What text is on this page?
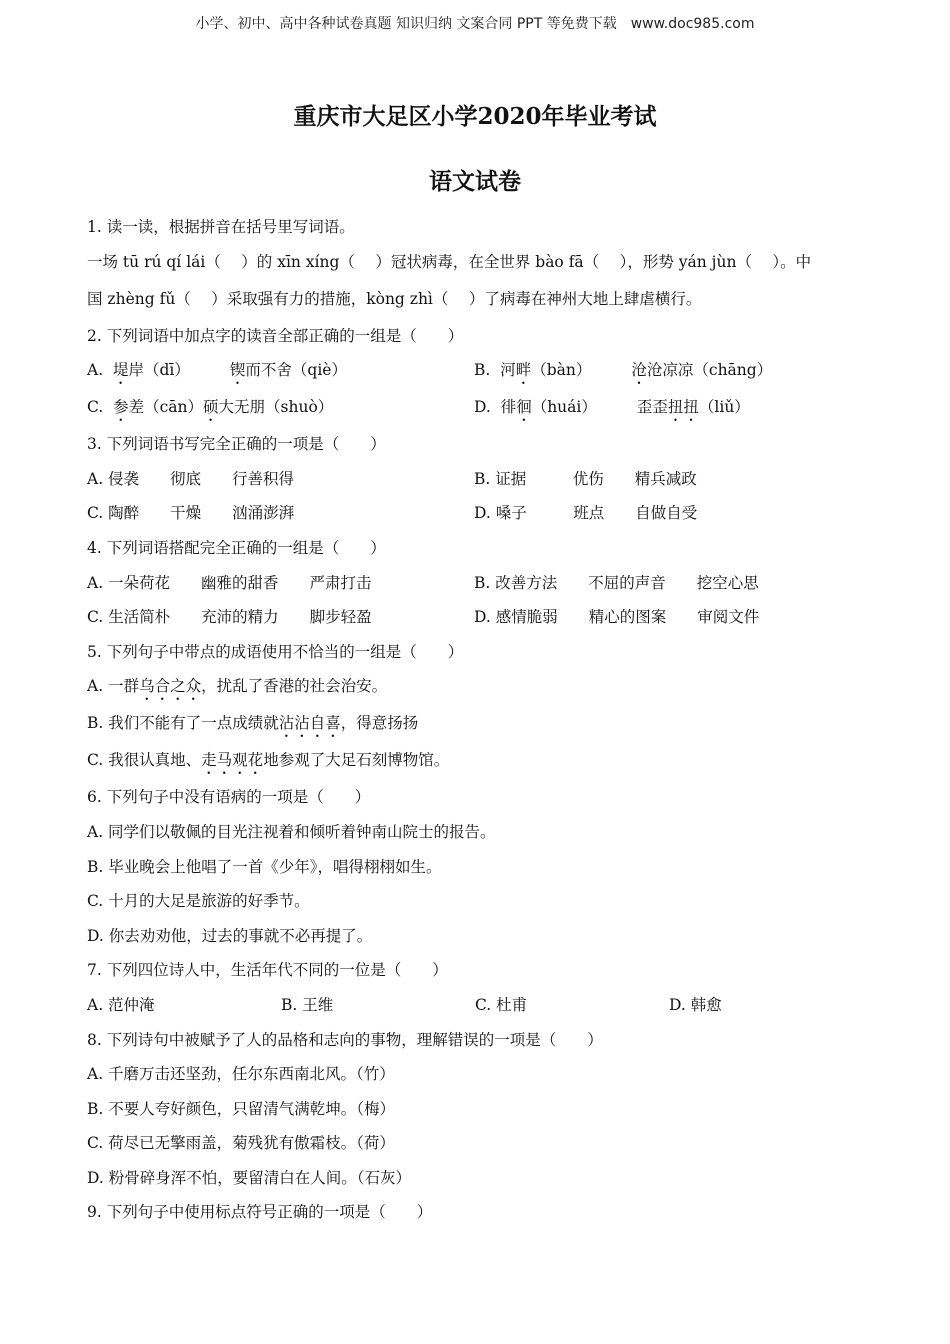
小学、初中、高中各种试卷真题 知识归纳 文案合同 PPT 等免费下载　www.doc985.com
重庆市大足区小学2020年毕业考试
语文试卷
1. 读一读，根据拼音在括号里写词语。
一场 tū rú qí lái（　 ）的 xīn xíng（　 ）冠状病毒，在全世界 bào fā（　 ），形势 yán jùn（　 ）。中
国 zhèng fǔ（　 ）采取强有力的措施，kòng zhì（　 ）了病毒在神州大地上肆虐横行。
2. 下列词语中加点字的读音全部正确的一组是（　　）
A. 堤岸（dī）	锲而不舍（qiè）	B. 河畔（bàn）	沧沧凉凉（chāng）
C. 参差（cān）硕大无朋（shuò）	D. 徘徊（huái）	歪歪扭扭（liǔ）
3. 下列词语书写完全正确的一项是（　　）
A. 侵袭　　彻底　　行善积得	B. 证据　　　优伤　　精兵减政
C. 陶醉　　干燥　　汹涌澎湃	D. 嗓子　　　班点　　自做自受
4. 下列词语搭配完全正确的一组是（　　）
A. 一朵荷花　　幽雅的甜香　　严肃打击	B. 改善方法　　不屈的声音　　挖空心思
C. 生活简朴　　充沛的精力　　脚步轻盈	D. 感情脆弱　　精心的图案　　审阅文件
5. 下列句子中带点的成语使用不恰当的一组是（　　）
A. 一群乌合之众，扰乱了香港的社会治安。
B. 我们不能有了一点成绩就沾沾自喜，得意扬扬
C. 我很认真地、走马观花地参观了大足石刻博物馆。
6. 下列句子中没有语病的一项是（　　）
A. 同学们以敬佩的目光注视着和倾听着钟南山院士的报告。
B. 毕业晚会上他唱了一首《少年》，唱得栩栩如生。
C. 十月的大足是旅游的好季节。
D. 你去劝劝他，过去的事就不必再提了。
7. 下列四位诗人中，生活年代不同的一位是（　　）
A. 范仲淹	B. 王维	C. 杜甫	D. 韩愈
8. 下列诗句中被赋予了人的品格和志向的事物，理解错误的一项是（　　）
A. 千磨万击还坚劲，任尔东西南北风。（竹）
B. 不要人夸好颜色，只留清气满乾坤。（梅）
C. 荷尽已无擎雨盖，菊残犹有傲霜枝。（荷）
D. 粉骨碎身浑不怕，要留清白在人间。（石灰）
9. 下列句子中使用标点符号正确的一项是（　　）
